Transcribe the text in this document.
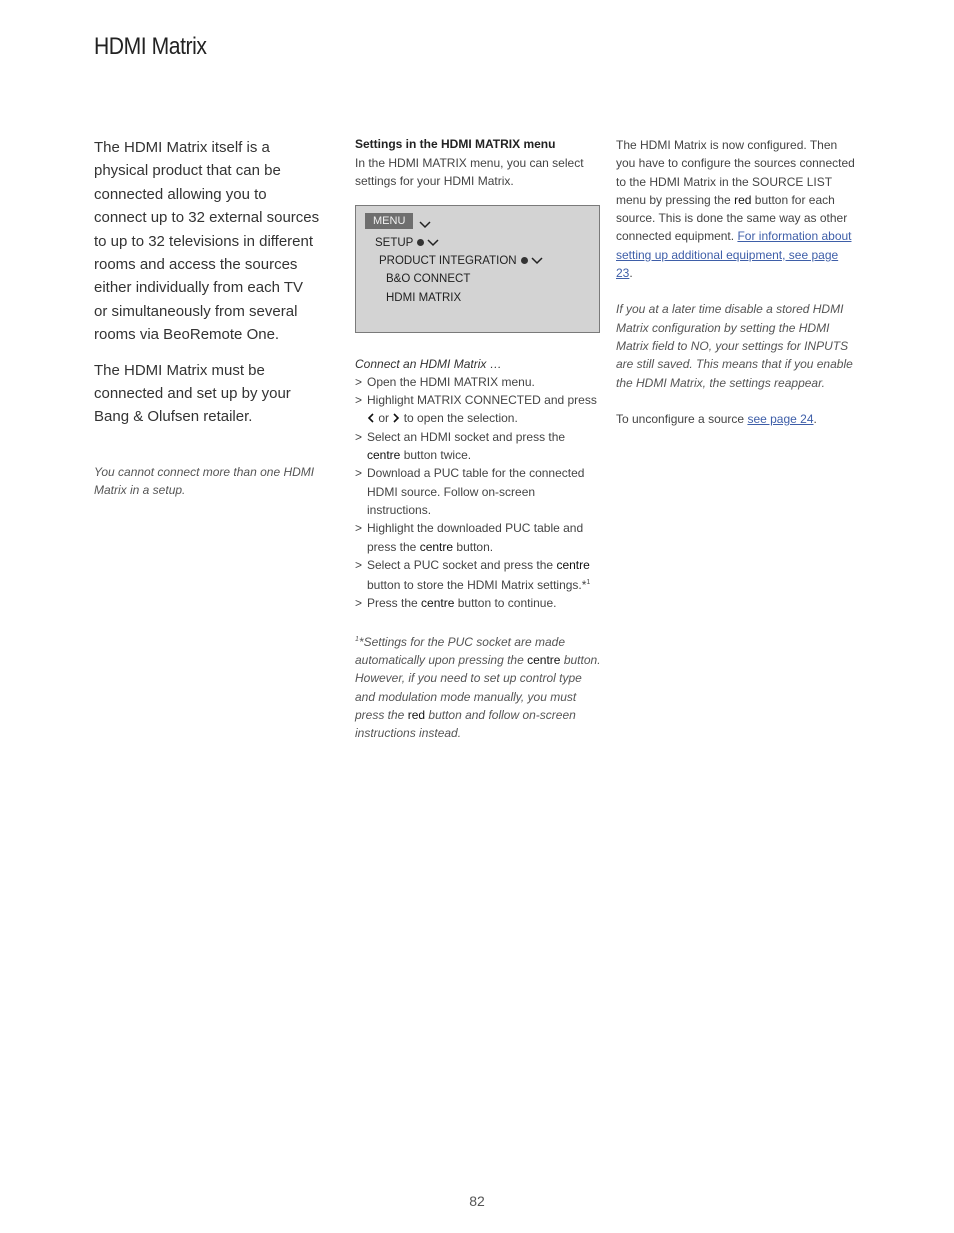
HDMI Matrix

The HDMI Matrix itself is a physical product that can be connected allowing you to connect up to 32 external sources to up to 32 televisions in different rooms and access the sources either individually from each TV or simultaneously from several rooms via BeoRemote One.

The HDMI Matrix must be connected and set up by your Bang & Olufsen retailer.

You cannot connect more than one HDMI Matrix in a setup.

Settings in the HDMI MATRIX menu

In the HDMI MATRIX menu, you can select settings for your HDMI Matrix.

MENU
SETUP
PRODUCT INTEGRATION
B&O CONNECT
HDMI MATRIX

Connect an HDMI Matrix …

> Open the HDMI MATRIX menu.
> Highlight MATRIX CONNECTED and press  or to open the selection.
> Select an HDMI socket and press the centre button twice.
> Download a PUC table for the connected HDMI source. Follow on-screen instructions.
> Highlight the downloaded PUC table and press the centre button.
> Select a PUC socket and press the centre button to store the HDMI Matrix settings.*$^1$
> Press the centre button to continue.

$^1$*Settings for the PUC socket are made automatically upon pressing the centre button. However, if you need to set up control type and modulation mode manually, you must press the red button and follow on-screen instructions instead.

The HDMI Matrix is now configured. Then you have to configure the sources connected to the HDMI Matrix in the SOURCE LIST menu by pressing the red button for each source. This is done the same way as other connected equipment. For information about setting up additional equipment, see page 23.

If you at a later time disable a stored HDMI Matrix configuration by setting the HDMI Matrix field to NO, your settings for INPUTS are still saved. This means that if you enable the HDMI Matrix, the settings reappear.

To unconfigure a source see page 24.

82
